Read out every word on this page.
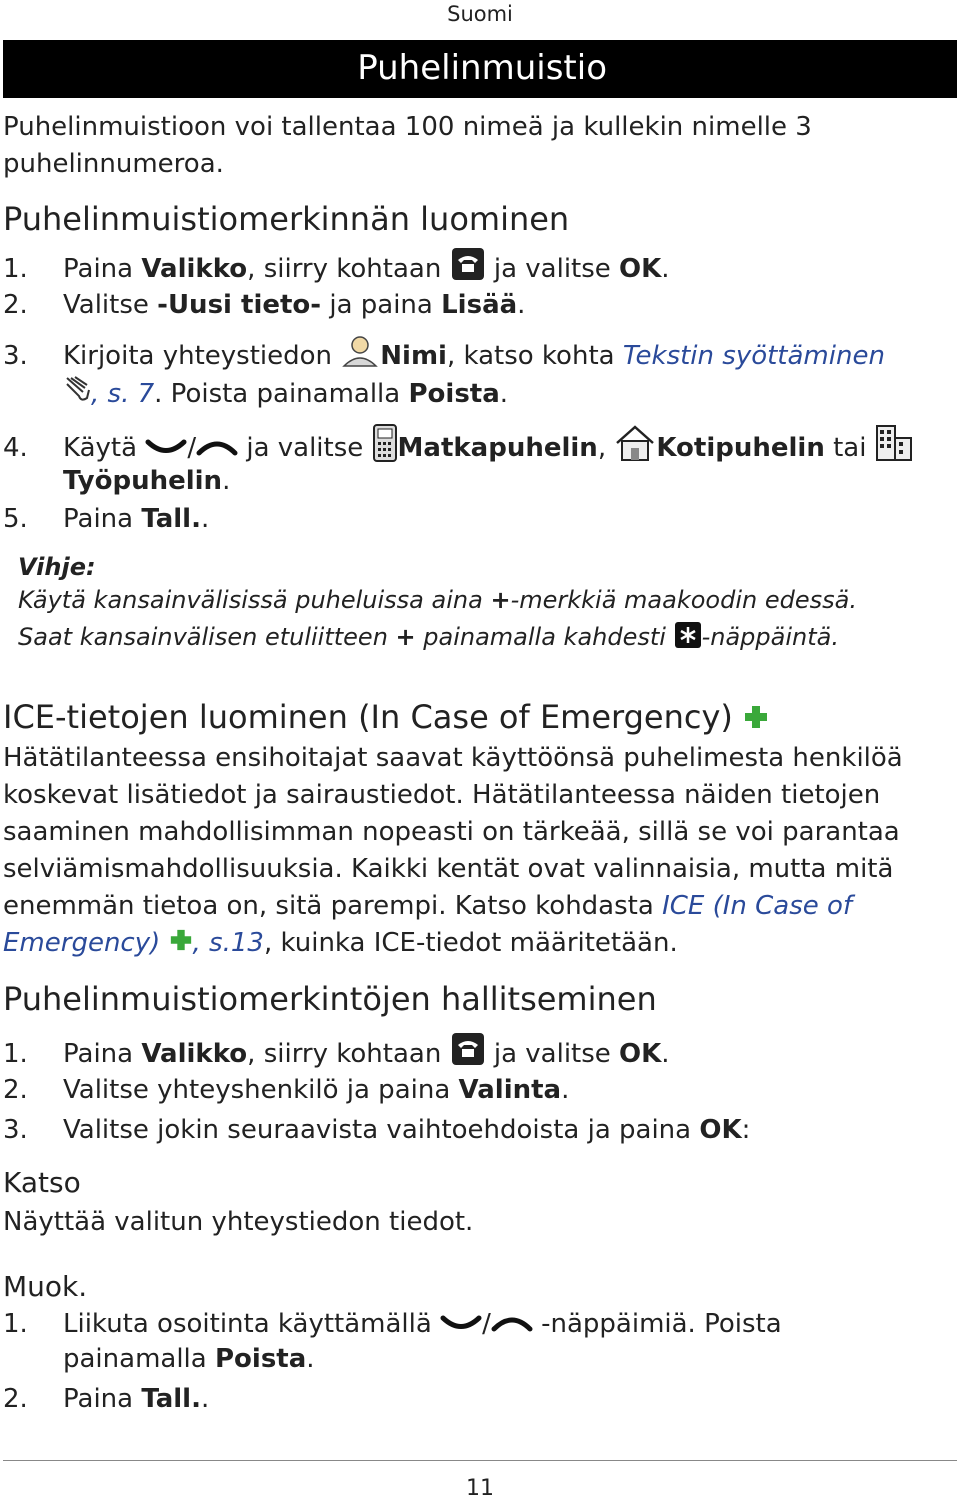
Suomi
Puhelinmuistio
Puhelinmuistioon voi tallentaa 100 nimeä ja kullekin nimelle 3
puhelinnumeroa.
Puhelinmuistiomerkinnän luominen
1. Paina Valikko, siirry kohtaan  ja valitse OK.
2. Valitse -Uusi tieto- ja paina Lisää.
3. Kirjoita yhteystiedon Nimi, katso kohta Tekstin syöttäminen
, s. 7. Poista painamalla Poista.
4. Käytä / ja valitse Matkapuhelin, Kotipuhelin tai
Työpuhelin.
5. Paina Tall..
Vihje:
Käytä kansainvälisissä puheluissa aina +-merkkiä maakoodin edessä.
Saat kansainvälisen etuliitteen + painamalla kahdesti -näppäintä.
ICE-tietojen luominen (In Case of Emergency)
Hätätilanteessa ensihoitajat saavat käyttöönsä puhelimesta henkilöä
koskevat lisätiedot ja sairaustiedot. Hätätilanteessa näiden tietojen
saaminen mahdollisimman nopeasti on tärkeää, sillä se voi parantaa
selviämismahdollisuuksia. Kaikki kentät ovat valinnaisia, mutta mitä
enemmän tietoa on, sitä parempi. Katso kohdasta ICE (In Case of
Emergency) , s.13, kuinka ICE-tiedot määritetään.
Puhelinmuistiomerkintöjen hallitseminen
1. Paina Valikko, siirry kohtaan  ja valitse OK.
2. Valitse yhteyshenkilö ja paina Valinta.
3. Valitse jokin seuraavista vaihtoehdoista ja paina OK:
Katso
Näyttää valitun yhteystiedon tiedot.
Muok.
1. Liikuta osoitinta käyttämällä / -näppäimiä. Poista
painamalla Poista.
2. Paina Tall..
11
